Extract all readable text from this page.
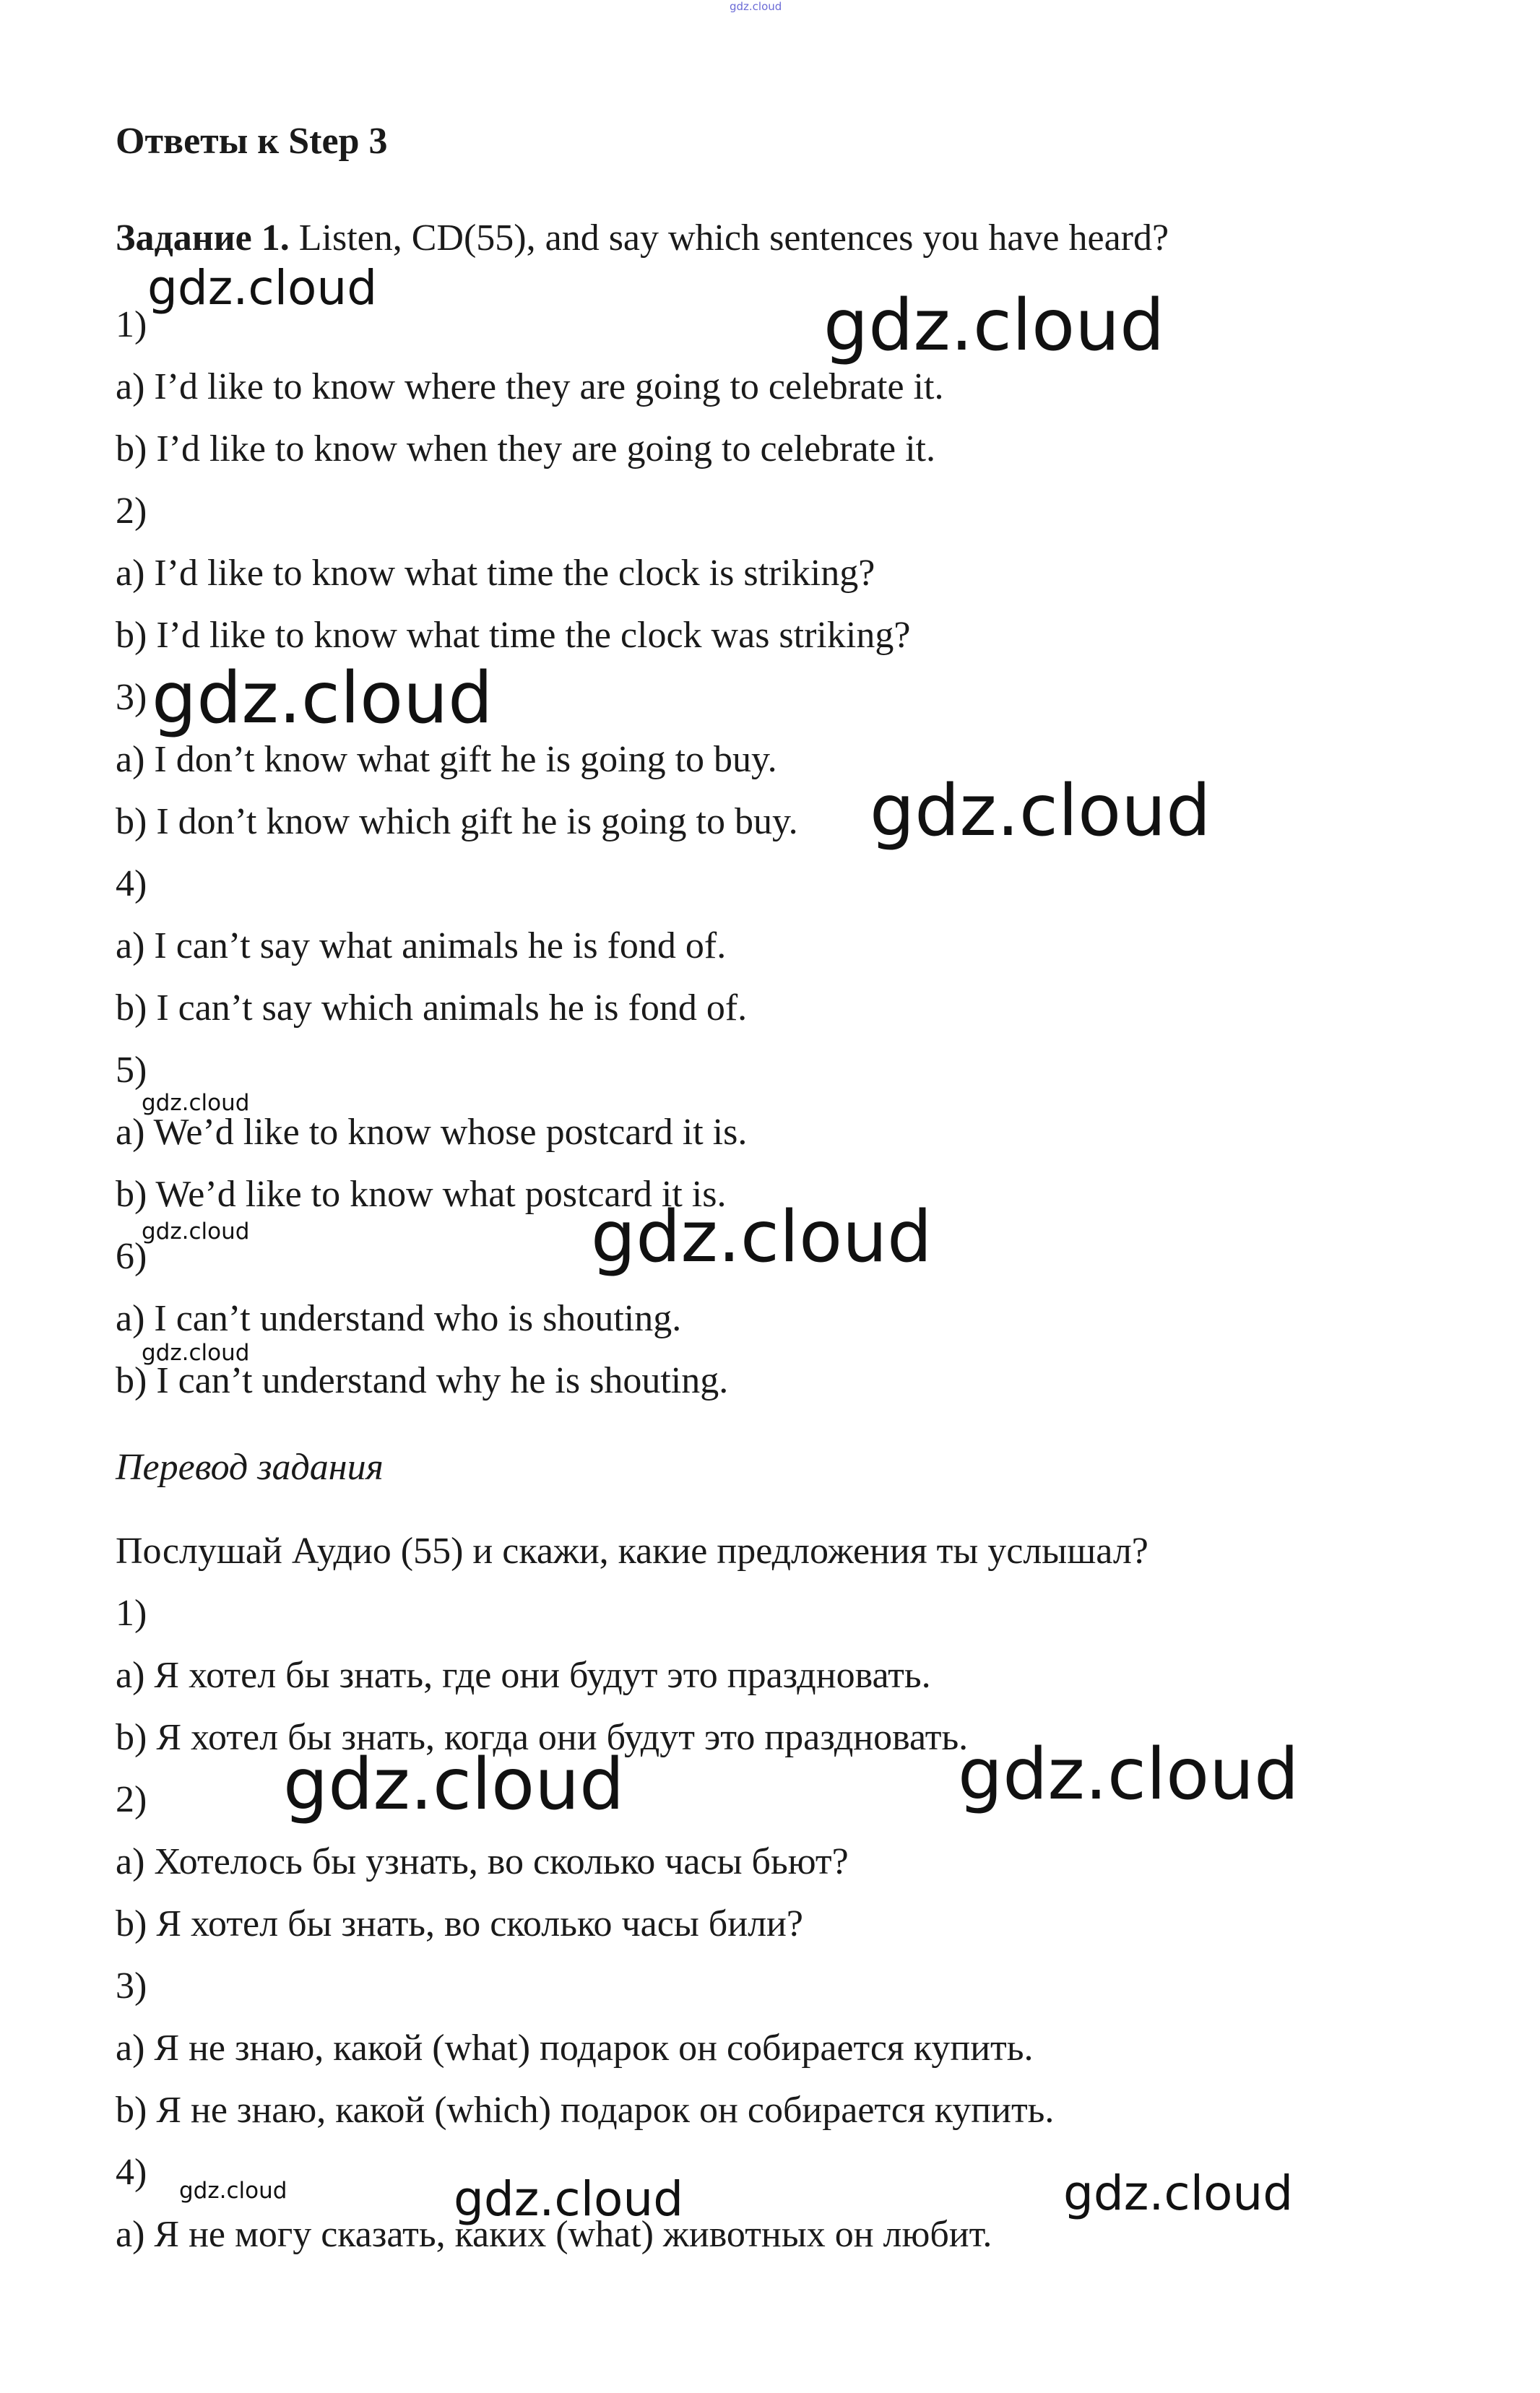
gdz.cloud
Ответы к Step 3
Задание 1. Listen, CD(55), and say which sentences you have heard?
1)
a) I’d like to know where they are going to celebrate it.
b) I’d like to know when they are going to celebrate it.
2)
a) I’d like to know what time the clock is striking?
b) I’d like to know what time the clock was striking?
3)
a) I don’t know what gift he is going to buy.
b) I don’t know which gift he is going to buy.
4)
a) I can’t say what animals he is fond of.
b) I can’t say which animals he is fond of.
5)
a) We’d like to know whose postcard it is.
b) We’d like to know what postcard it is.
6)
a) I can’t understand who is shouting.
b) I can’t understand why he is shouting.
Перевод задания
Послушай Аудио (55) и скажи, какие предложения ты услышал?
1)
a) Я хотел бы знать, где они будут это праздновать.
b) Я хотел бы знать, когда они будут это праздновать.
2)
a) Хотелось бы узнать, во сколько часы бьют?
b) Я хотел бы знать, во сколько часы били?
3)
a) Я не знаю, какой (what) подарок он собирается купить.
b) Я не знаю, какой (which) подарок он собирается купить.
4)
a) Я не могу сказать, каких (what) животных он любит.
gdz.cloud	gdz.cloud
gdz.cloud
gdz.cloud
gdz.cloud
gdz.cloud	gdz.cloud
gdz.cloud
gdz.cloud	gdz.cloud
gdz.cloud	gdz.cloud	gdz.cloud
